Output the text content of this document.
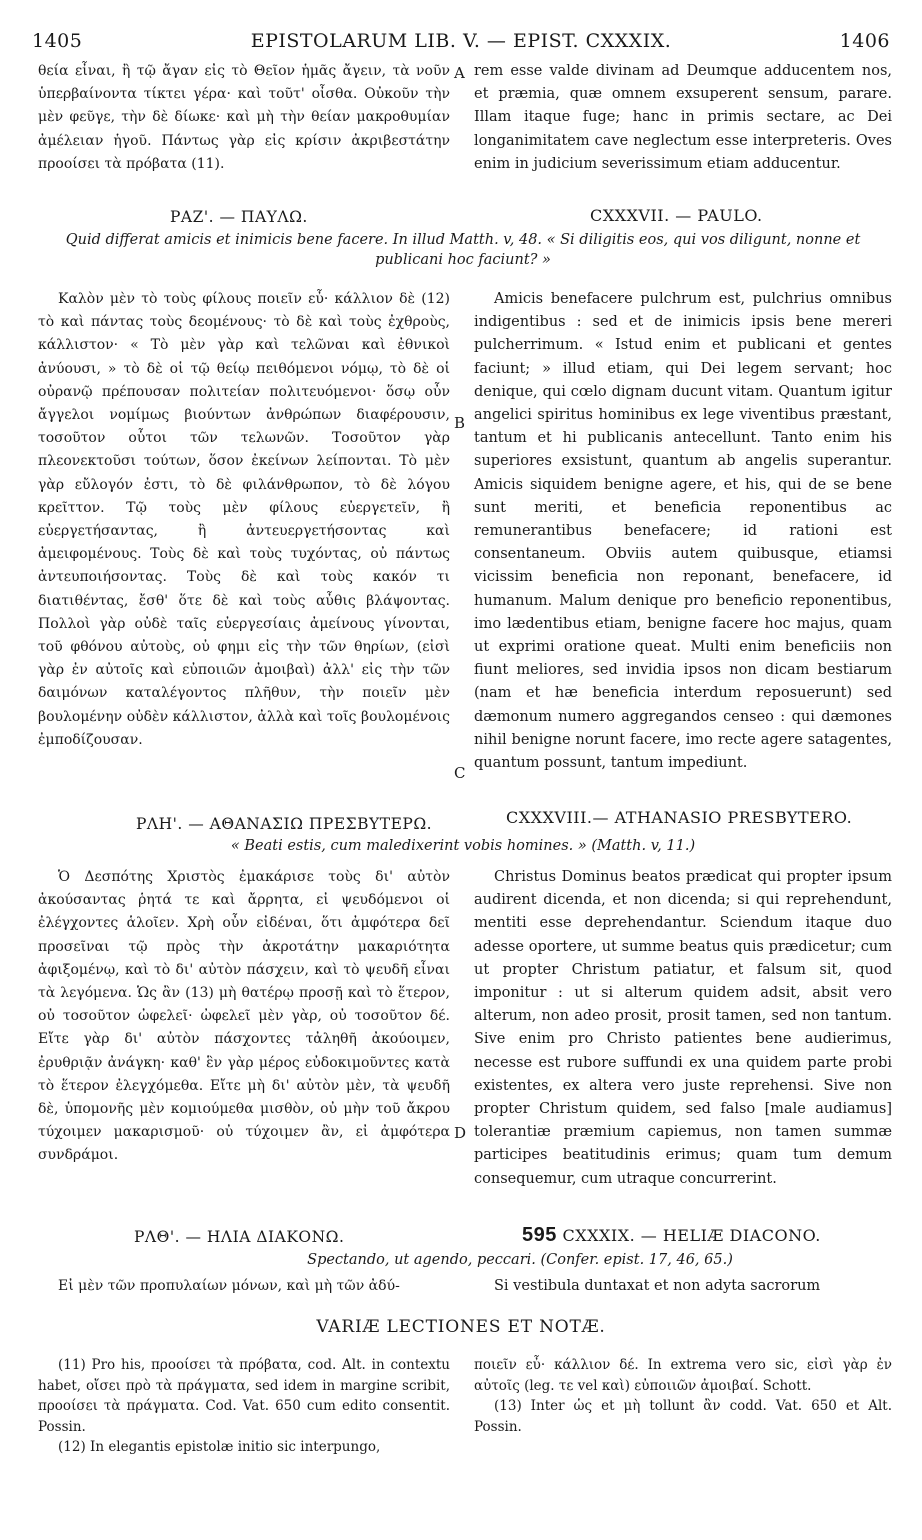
1405	EPISTOLARUM LIB. V. — EPIST. CXXXIX.	1406

θεία εἶναι, ἢ τῷ ἄγαν εἰς τὸ Θεῖον ἡμᾶς ἄγειν, τὰ νοῦν ὑπερβαίνοντα τίκτει γέρα· καὶ τοῦτ' οἶσθα. Οὐκοῦν τὴν μὲν φεῦγε, τὴν δὲ δίωκε· καὶ μὴ τὴν θείαν μακροθυμίαν ἀμέλειαν ἡγοῦ. Πάντως γὰρ εἰς κρίσιν ἀκριβεστάτην προοίσει τὰ πρόβατα (11).

rem esse valde divinam ad Deumque adducentem nos, et præmia, quæ omnem exsuperent sensum, parare. Illam itaque fuge; hanc in primis sectare, ac Dei longanimitatem cave neglectum esse interpreteris. Oves enim in judicium severissimum etiam adducentur.

A
ΡΑΖ'. — ΠΑΥΛΩ.	CXXXVII. — PAULO.
Quid differat amicis et inimicis bene facere. In illud Matth. v, 48. « Si diligitis eos, qui vos diligunt, nonne et publicani hoc faciunt? »

Καλὸν μὲν τὸ τοὺς φίλους ποιεῖν εὖ· κάλλιον δὲ (12) τὸ καὶ πάντας τοὺς δεομένους· τὸ δὲ καὶ τοὺς ἐχθροὺς, κάλλιστον· « Τὸ μὲν γὰρ καὶ τελῶναι καὶ ἐθνικοὶ ἀνύουσι, » τὸ δὲ οἱ τῷ θείῳ πειθόμενοι νόμῳ, τὸ δὲ οἱ οὐρανῷ πρέπουσαν πολιτείαν πολιτευόμενοι· ὅσῳ οὖν ἄγγελοι νομίμως βιούντων ἀνθρώπων διαφέρουσιν, τοσοῦτον οὗτοι τῶν τελωνῶν. Τοσοῦτον γὰρ πλεονεκτοῦσι τούτων, ὅσον ἐκείνων λείπονται. Τὸ μὲν γὰρ εὔλογόν ἐστι, τὸ δὲ φιλάνθρωπον, τὸ δὲ λόγου κρεῖττον. Τῷ τοὺς μὲν φίλους εὐεργετεῖν, ἢ εὐεργετήσαντας, ἢ ἀντευεργετήσοντας καὶ ἀμειφομένους. Τοὺς δὲ καὶ τοὺς τυχόντας, οὐ πάντως ἀντευποιήσοντας. Τοὺς δὲ καὶ τοὺς κακόν τι διατιθέντας, ἔσθ' ὅτε δὲ καὶ τοὺς αὖθις βλάψοντας. Πολλοὶ γὰρ οὐδὲ ταῖς εὐεργεσίαις ἀμείνους γίνονται, τοῦ φθόνου αὐτοὺς, οὐ φημι εἰς τὴν τῶν θηρίων, (εἰσὶ γὰρ ἐν αὐτοῖς καὶ εὐποιιῶν ἀμοιβαὶ) ἀλλ' εἰς τὴν τῶν δαιμόνων καταλέγοντος πλῆθυν, τὴν ποιεῖν μὲν βουλομένην οὐδὲν κάλλιστον, ἀλλὰ καὶ τοῖς βουλομένοις ἐμποδίζουσαν.

Amicis benefacere pulchrum est, pulchrius omnibus indigentibus : sed et de inimicis ipsis bene mereri pulcherrimum. « Istud enim et publicani et gentes faciunt; » illud etiam, qui Dei legem servant; hoc denique, qui cœlo dignam ducunt vitam. Quantum igitur angelici spiritus hominibus ex lege viventibus præstant, tantum et hi publicanis antecellunt. Tanto enim his superiores exsistunt, quantum ab angelis superantur. Amicis siquidem benigne agere, et his, qui de se bene sunt meriti, et beneficia reponentibus ac remunerantibus benefacere; id rationi est consentaneum. Obviis autem quibusque, etiamsi vicissim beneficia non reponant, benefacere, id humanum. Malum denique pro beneficio reponentibus, imo lædentibus etiam, benigne facere hoc majus, quam ut exprimi oratione queat. Multi enim beneficiis non fiunt meliores, sed invidia ipsos non dicam bestiarum (nam et hæ beneficia interdum reposuerunt) sed dæmonum numero aggregandos censeo : qui dæmones nihil benigne norunt facere, imo recte agere satagentes, quantum possunt, tantum impediunt.

B
C
ΡΛΗ'. — ΑΘΑΝΑΣΙΩ ΠΡΕΣΒΥΤΕΡΩ.	CXXXVIII.— ATHANASIO PRESBYTERO.
« Beati estis, cum maledixerint vobis homines. » (Matth. v, 11.)

Ὁ Δεσπότης Χριστὸς ἐμακάρισε τοὺς δι' αὐτὸν ἀκούσαντας ῥητά τε καὶ ἄρρητα, εἰ ψευδόμενοι οἱ ἐλέγχοντες ἁλοῖεν. Χρὴ οὖν εἰδέναι, ὅτι ἀμφότερα δεῖ προσεῖναι τῷ πρὸς τὴν ἀκροτάτην μακαριότητα ἀφιξομένῳ, καὶ τὸ δι' αὐτὸν πάσχειν, καὶ τὸ ψευδῆ εἶναι τὰ λεγόμενα. Ὡς ἂν (13) μὴ θατέρῳ προσῇ καὶ τὸ ἕτερον, οὐ τοσοῦτον ὠφελεῖ· ὠφελεῖ μὲν γὰρ, οὐ τοσοῦτον δέ. Εἴτε γὰρ δι' αὐτὸν πάσχοντες τἀληθῆ ἀκούοιμεν, ἐρυθριᾷν ἀνάγκη· καθ' ἓν γὰρ μέρος εὐδοκιμοῦντες κατὰ τὸ ἕτερον ἐλεγχόμεθα. Εἴτε μὴ δι' αὐτὸν μὲν, τὰ ψευδῆ δὲ, ὑπομονῆς μὲν κομιούμεθα μισθὸν, οὐ μὴν τοῦ ἄκρου τύχοιμεν μακαρισμοῦ· οὐ τύχοιμεν ἂν, εἰ ἀμφότερα συνδράμοι.

Christus Dominus beatos prædicat qui propter ipsum audirent dicenda, et non dicenda; si qui reprehendunt, mentiti esse deprehendantur. Sciendum itaque duo adesse oportere, ut summe beatus quis prædicetur; cum ut propter Christum patiatur, et falsum sit, quod imponitur : ut si alterum quidem adsit, absit vero alterum, non adeo prosit, prosit tamen, sed non tantum. Sive enim pro Christo patientes bene audierimus, necesse est rubore suffundi ex una quidem parte probi existentes, ex altera vero juste reprehensi. Sive non propter Christum quidem, sed falso [male audiamus] tolerantiæ præmium capiemus, non tamen summæ participes beatitudinis erimus; quam tum demum consequemur, cum utraque concurrerint.

D
ΡΛΘ'. — ΗΛΙΑ ΔΙΑΚΟΝΩ.	595 CXXXIX. — HELIÆ DIACONO.
Spectando, ut agendo, peccari. (Confer. epist. 17, 46, 65.)

Εἰ μὲν τῶν προπυλαίων μόνων, καὶ μὴ τῶν ἀδύ-	Si vestibula duntaxat et non adyta sacrorum

VARIÆ LECTIONES ET NOTÆ.

(11) Pro his, προοίσει τὰ πρόβατα, cod. Alt. in contextu habet, οἴσει πρὸ τὰ πράγματα, sed idem in margine scribit, προοίσει τὰ πράγματα. Cod. Vat. 650 cum edito consentit. Possin.

(12) In elegantis epistolæ initio sic interpungo,

ποιεῖν εὖ· κάλλιον δέ. In extrema vero sic, εἰσὶ γὰρ ἐν αὐτοῖς (leg. τε vel καὶ) εὐποιιῶν ἀμοιβαί. Schott.

(13) Inter ὡς et μὴ tollunt ἂν codd. Vat. 650 et Alt. Possin.
